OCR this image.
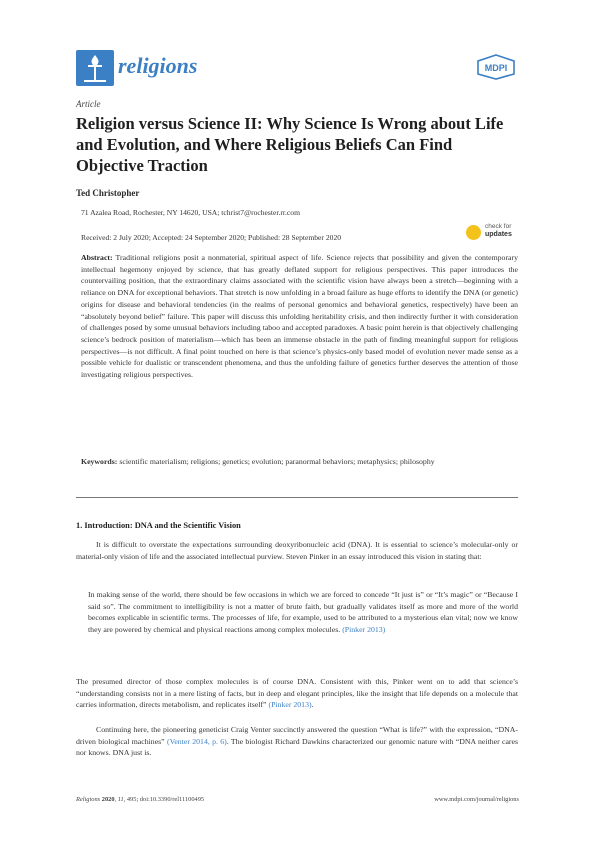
religions	MDPI
Article
Religion versus Science II: Why Science Is Wrong about Life and Evolution, and Where Religious Beliefs Can Find Objective Traction
Ted Christopher
71 Azalea Road, Rochester, NY 14620, USA; tchrist7@rochester.rr.com
Received: 2 July 2020; Accepted: 24 September 2020; Published: 28 September 2020
check for
updates

Abstract: Traditional religions posit a nonmaterial, spiritual aspect of life. Science rejects that possibility and given the contemporary intellectual hegemony enjoyed by science, that has greatly deflated support for religious perspectives. This paper introduces the countervailing position, that the extraordinary claims associated with the scientific vision have always been a stretch—beginning with a reliance on DNA for exceptional behaviors. That stretch is now unfolding in a broad failure as huge efforts to identify the DNA (or genetic) origins for disease and behavioral tendencies (in the realms of personal genomics and behavioral genetics, respectively) have been an “absolutely beyond belief” failure. This paper will discuss this unfolding heritability crisis, and then indirectly further it with consideration of challenges posed by some unusual behaviors including taboo and accepted paradoxes. A basic point herein is that objectively challenging science’s bedrock position of materialism—which has been an immense obstacle in the path of finding meaningful support for religious perspectives—is not difficult. A final point touched on here is that science’s physics-only based model of evolution never made sense as a possible vehicle for dualistic or transcendent phenomena, and thus the unfolding failure of genetics further deserves the attention of those investigating religious perspectives.

Keywords: scientific materialism; religions; genetics; evolution; paranormal behaviors; metaphysics; philosophy

1. Introduction: DNA and the Scientific Vision

It is difficult to overstate the expectations surrounding deoxyribonucleic acid (DNA). It is essential to science’s molecular-only or material-only vision of life and the associated intellectual purview. Steven Pinker in an essay introduced this vision in stating that:

In making sense of the world, there should be few occasions in which we are forced to concede “It just is” or “It’s magic” or “Because I said so”. The commitment to intelligibility is not a matter of brute faith, but gradually validates itself as more and more of the world becomes explicable in scientific terms. The processes of life, for example, used to be attributed to a mysterious elan vital; now we know they are powered by chemical and physical reactions among complex molecules. (Pinker 2013)

The presumed director of those complex molecules is of course DNA. Consistent with this, Pinker went on to add that science’s “understanding consists not in a mere listing of facts, but in deep and elegant principles, like the insight that life depends on a molecule that carries information, directs metabolism, and replicates itself” (Pinker 2013).

Continuing here, the pioneering geneticist Craig Venter succinctly answered the question “What is life?” with the expression, “DNA-driven biological machines” (Venter 2014, p. 6). The biologist Richard Dawkins characterized our genomic nature with “DNA neither cares nor knows. DNA just is.

Religions 2020, 11, 495; doi:10.3390/rel11100495	www.mdpi.com/journal/religions
